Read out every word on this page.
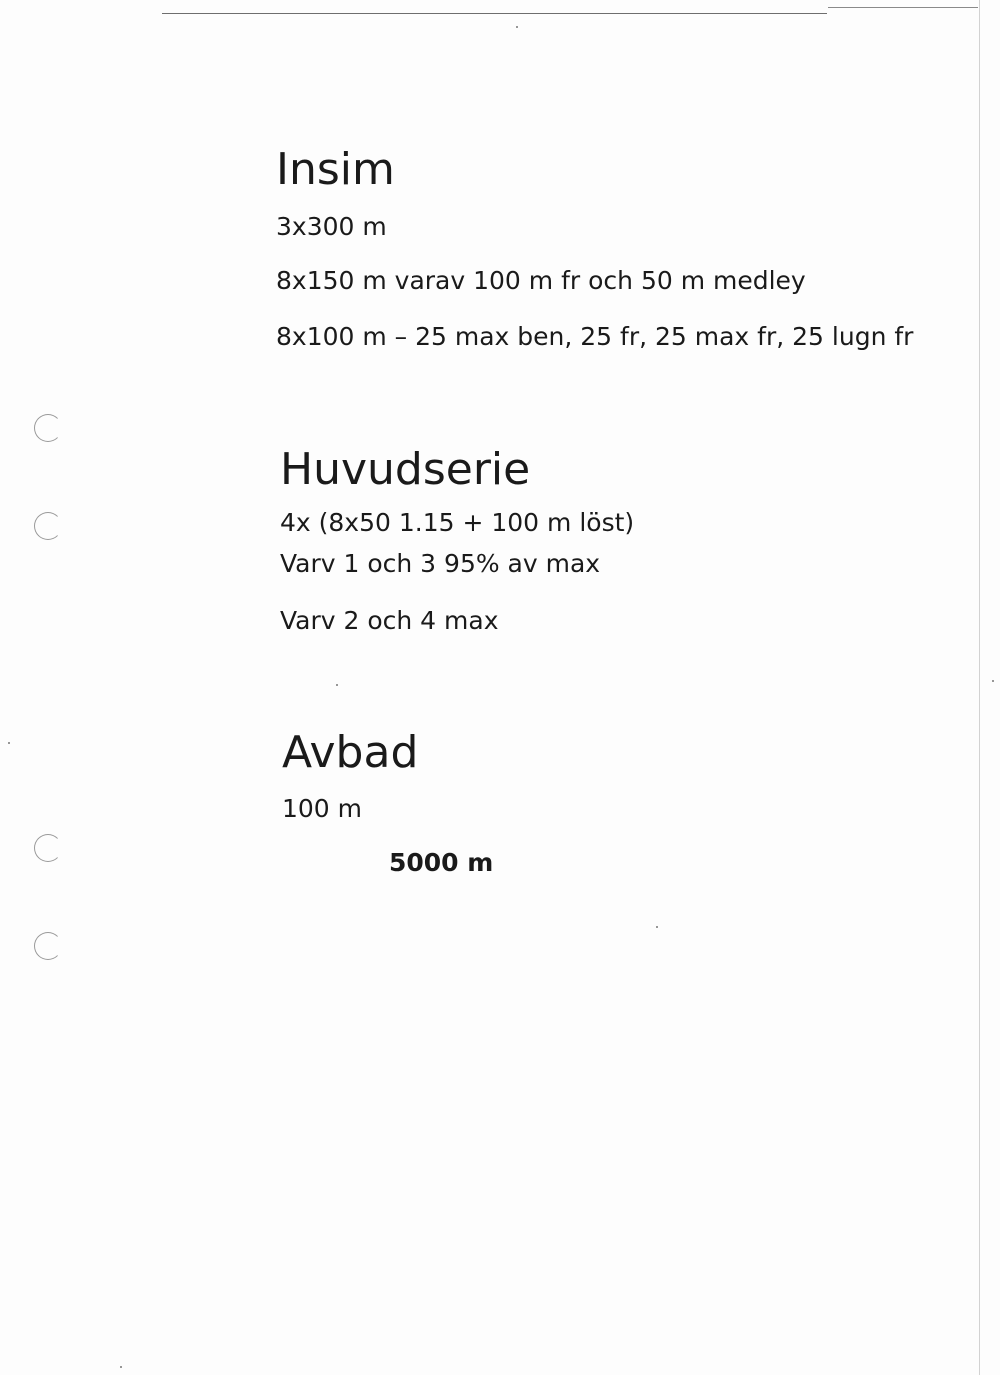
Insim
3x300 m
8x150 m varav 100 m fr och 50 m medley
8x100 m – 25 max ben, 25 fr, 25 max fr, 25 lugn fr
Huvudserie
4x (8x50 1.15 + 100 m löst)
Varv 1 och 3 95% av max
Varv 2 och 4 max
Avbad
100 m
5000 m
